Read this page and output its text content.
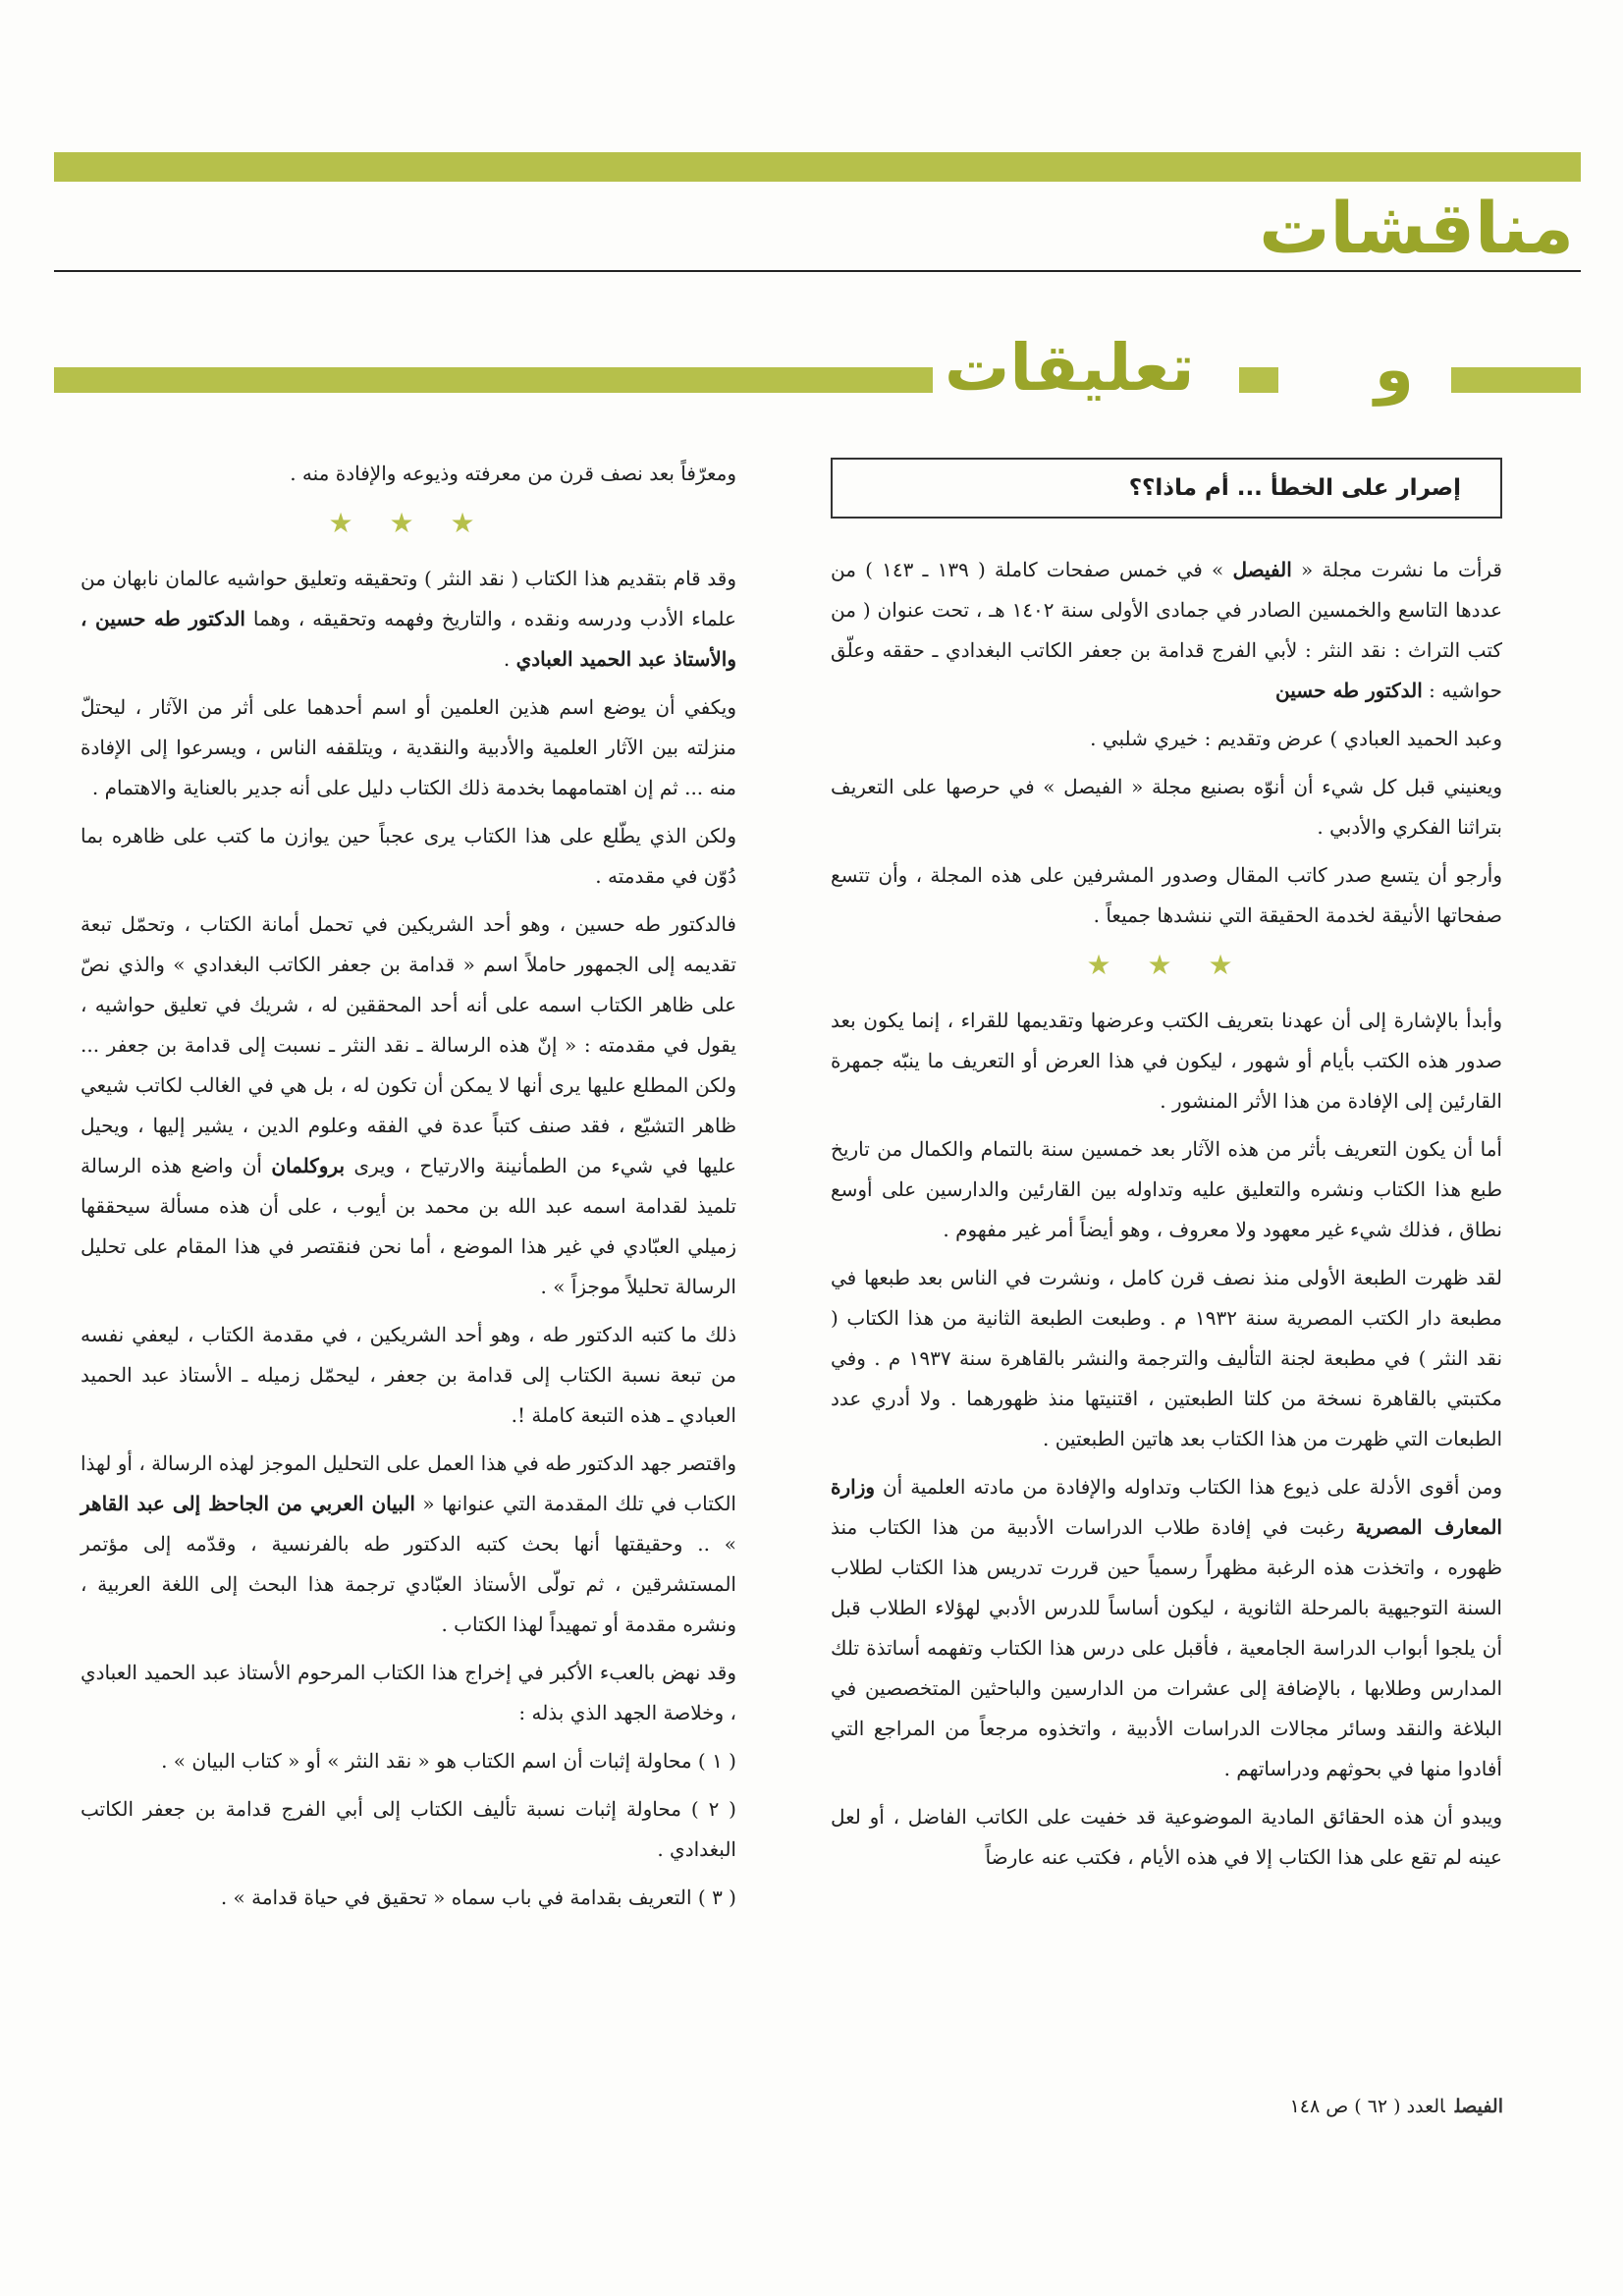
مناقشات
و
تعليقات
إصرار على الخطأ ... أم ماذا؟؟

قرأت ما نشرت مجلة « الفيصل » في خمس صفحات كاملة ( ١٣٩ ـ ١٤٣ ) من عددها التاسع والخمسين الصادر في جمادى الأولى سنة ١٤٠٢ هـ ، تحت عنوان ( من كتب التراث : نقد النثر : لأبي الفرج قدامة بن جعفر الكاتب البغدادي ـ حققه وعلّق حواشيه : الدكتور طه حسين

وعبد الحميد العبادي ) عرض وتقديم : خيري شلبي .

ويعنيني قبل كل شيء أن أنوّه بصنيع مجلة « الفيصل » في حرصها على التعريف بتراثنا الفكري والأدبي .

وأرجو أن يتسع صدر كاتب المقال وصدور المشرفين على هذه المجلة ، وأن تتسع صفحاتها الأنيقة لخدمة الحقيقة التي ننشدها جميعاً .

★ ★ ★

وأبدأ بالإشارة إلى أن عهدنا بتعريف الكتب وعرضها وتقديمها للقراء ، إنما يكون بعد صدور هذه الكتب بأيام أو شهور ، ليكون في هذا العرض أو التعريف ما ينبّه جمهرة القارئين إلى الإفادة من هذا الأثر المنشور .

أما أن يكون التعريف بأثر من هذه الآثار بعد خمسين سنة بالتمام والكمال من تاريخ طبع هذا الكتاب ونشره والتعليق عليه وتداوله بين القارئين والدارسين على أوسع نطاق ، فذلك شيء غير معهود ولا معروف ، وهو أيضاً أمر غير مفهوم .

لقد ظهرت الطبعة الأولى منذ نصف قرن كامل ، ونشرت في الناس بعد طبعها في مطبعة دار الكتب المصرية سنة ١٩٣٢ م . وطبعت الطبعة الثانية من هذا الكتاب ( نقد النثر ) في مطبعة لجنة التأليف والترجمة والنشر بالقاهرة سنة ١٩٣٧ م . وفي مكتبتي بالقاهرة نسخة من كلتا الطبعتين ، اقتنيتها منذ ظهورهما . ولا أدري عدد الطبعات التي ظهرت من هذا الكتاب بعد هاتين الطبعتين .

ومن أقوى الأدلة على ذيوع هذا الكتاب وتداوله والإفادة من مادته العلمية أن وزارة المعارف المصرية رغبت في إفادة طلاب الدراسات الأدبية من هذا الكتاب منذ ظهوره ، واتخذت هذه الرغبة مظهراً رسمياً حين قررت تدريس هذا الكتاب لطلاب السنة التوجيهية بالمرحلة الثانوية ، ليكون أساساً للدرس الأدبي لهؤلاء الطلاب قبل أن يلجوا أبواب الدراسة الجامعية ، فأقبل على درس هذا الكتاب وتفهمه أساتذة تلك المدارس وطلابها ، بالإضافة إلى عشرات من الدارسين والباحثين المتخصصين في البلاغة والنقد وسائر مجالات الدراسات الأدبية ، واتخذوه مرجعاً من المراجع التي أفادوا منها في بحوثهم ودراساتهم .

ويبدو أن هذه الحقائق المادية الموضوعية قد خفيت على الكاتب الفاضل ، أو لعل عينه لم تقع على هذا الكتاب إلا في هذه الأيام ، فكتب عنه عارضاً

ومعرّفاً بعد نصف قرن من معرفته وذيوعه والإفادة منه .

★ ★ ★

وقد قام بتقديم هذا الكتاب ( نقد النثر ) وتحقيقه وتعليق حواشيه عالمان نابهان من علماء الأدب ودرسه ونقده ، والتاريخ وفهمه وتحقيقه ، وهما الدكتور طه حسين ، والأستاذ عبد الحميد العبادي .

ويكفي أن يوضع اسم هذين العلمين أو اسم أحدهما على أثر من الآثار ، ليحتلّ منزلته بين الآثار العلمية والأدبية والنقدية ، ويتلقفه الناس ، ويسرعوا إلى الإفادة منه ... ثم إن اهتمامهما بخدمة ذلك الكتاب دليل على أنه جدير بالعناية والاهتمام .

ولكن الذي يطّلع على هذا الكتاب يرى عجباً حين يوازن ما كتب على ظاهره بما دُوّن في مقدمته .

فالدكتور طه حسين ، وهو أحد الشريكين في تحمل أمانة الكتاب ، وتحمّل تبعة تقديمه إلى الجمهور حاملاً اسم « قدامة بن جعفر الكاتب البغدادي » والذي نصّ على ظاهر الكتاب اسمه على أنه أحد المحققين له ، شريك في تعليق حواشيه ، يقول في مقدمته : « إنّ هذه الرسالة ـ نقد النثر ـ نسبت إلى قدامة بن جعفر ... ولكن المطلع عليها يرى أنها لا يمكن أن تكون له ، بل هي في الغالب لكاتب شيعي ظاهر التشيّع ، فقد صنف كتباً عدة في الفقه وعلوم الدين ، يشير إليها ، ويحيل عليها في شيء من الطمأنينة والارتياح ، ويرى بروكلمان أن واضع هذه الرسالة تلميذ لقدامة اسمه عبد الله بن محمد بن أيوب ، على أن هذه مسألة سيحققها زميلي العبّادي في غير هذا الموضع ، أما نحن فنقتصر في هذا المقام على تحليل الرسالة تحليلاً موجزاً » .

ذلك ما كتبه الدكتور طه ، وهو أحد الشريكين ، في مقدمة الكتاب ، ليعفي نفسه من تبعة نسبة الكتاب إلى قدامة بن جعفر ، ليحمّل زميله ـ الأستاذ عبد الحميد العبادي ـ هذه التبعة كاملة !.

واقتصر جهد الدكتور طه في هذا العمل على التحليل الموجز لهذه الرسالة ، أو لهذا الكتاب في تلك المقدمة التي عنوانها « البيان العربي من الجاحظ إلى عبد القاهر » .. وحقيقتها أنها بحث كتبه الدكتور طه بالفرنسية ، وقدّمه إلى مؤتمر المستشرقين ، ثم تولّى الأستاذ العبّادي ترجمة هذا البحث إلى اللغة العربية ، ونشره مقدمة أو تمهيداً لهذا الكتاب .

وقد نهض بالعبء الأكبر في إخراج هذا الكتاب المرحوم الأستاذ عبد الحميد العبادي ، وخلاصة الجهد الذي بذله :

( ١ ) محاولة إثبات أن اسم الكتاب هو « نقد النثر » أو « كتاب البيان » .

( ٢ ) محاولة إثبات نسبة تأليف الكتاب إلى أبي الفرج قدامة بن جعفر الكاتب البغدادي .

( ٣ ) التعريف بقدامة في باب سماه « تحقيق في حياة قدامة » .

الفيصلالعدد ( ٦٢ ) ص ١٤٨
